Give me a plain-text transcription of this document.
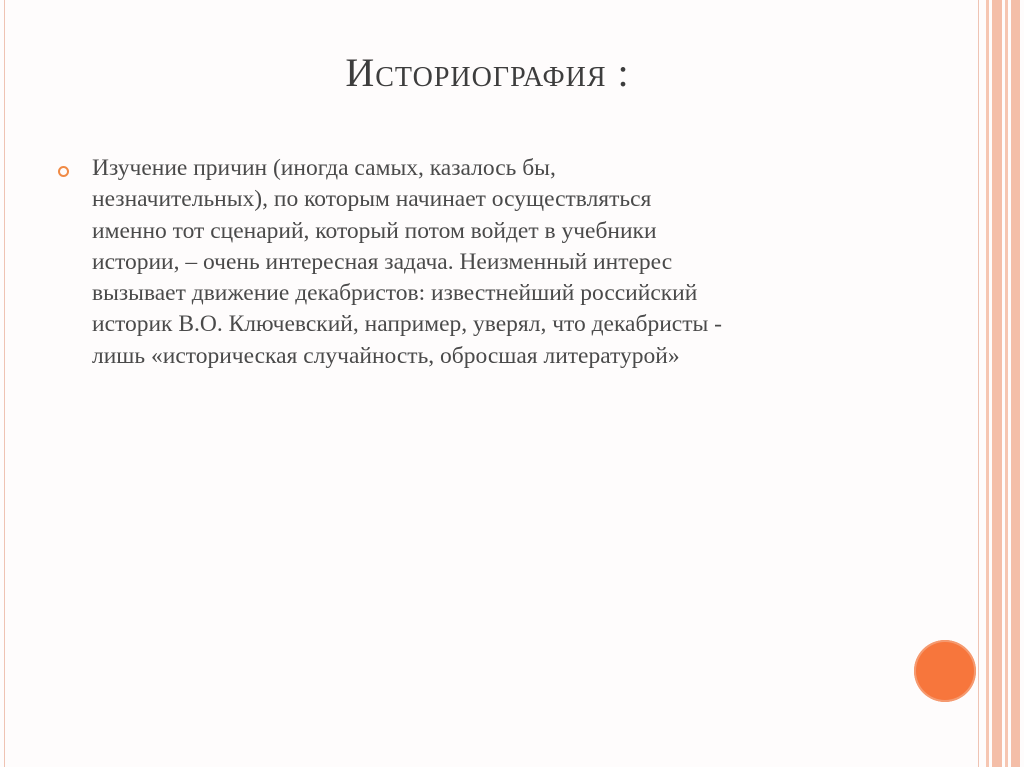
Историография :
Изучение причин (иногда самых, казалось бы,
незначительных), по которым начинает осуществляться
именно тот сценарий, который потом войдет в учебники
истории, – очень интересная задача. Неизменный интерес
вызывает движение декабристов: известнейший российский
историк В.О. Ключевский, например, уверял, что декабристы -
лишь «историческая случайность, обросшая литературой»
